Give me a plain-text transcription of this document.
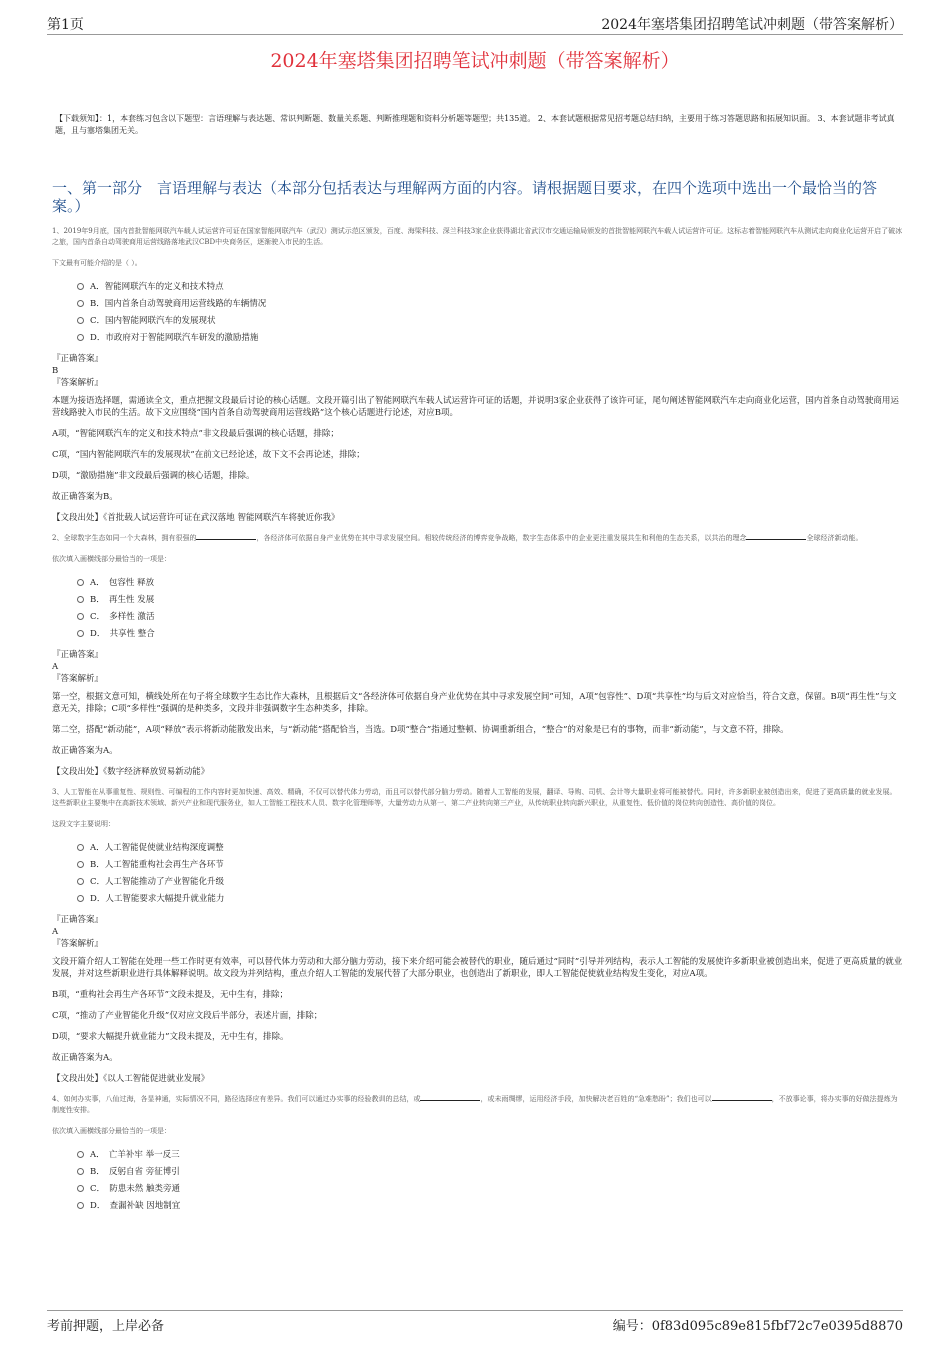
第1页	2024年塞塔集团招聘笔试冲刺题（带答案解析）
2024年塞塔集团招聘笔试冲刺题（带答案解析）
【下载须知】：1，本套练习包含以下题型：言语理解与表达题、常识判断题、数量关系题、判断推理题和资料分析题等题型；共135道。 2、本套试题根据常见招考题总结归纳，主要用于练习答题思路和拓展知识面。 3、本套试题非考试真题，且与塞塔集团无关。
一、第一部分　言语理解与表达（本部分包括表达与理解两方面的内容。请根据题目要求，在四个选项中选出一个最恰当的答案。）

1、2019年9月底，国内首批智能网联汽车载人试运营许可证在国家智能网联汽车（武汉）测试示范区颁发，百度、海梁科技、深兰科技3家企业获得湖北省武汉市交通运输局颁发的首批智能网联汽车载人试运营许可证。这标志着智能网联汽车从测试走向商业化运营开启了破冰之旅，国内首条自动驾驶商用运营线路落地武汉CBD中央商务区，逐渐驶入市民的生活。

下文最有可能介绍的是（ ）。

A．智能网联汽车的定义和技术特点
B．国内首条自动驾驶商用运营线路的车辆情况
C．国内智能网联汽车的发展现状
D．市政府对于智能网联汽车研发的激励措施
『正确答案』
B
『答案解析』

本题为接语选择题，需通读全文，重点把握文段最后讨论的核心话题。文段开篇引出了智能网联汽车载人试运营许可证的话题，并说明3家企业获得了该许可证，尾句阐述智能网联汽车走向商业化运营，国内首条自动驾驶商用运营线路驶入市民的生活。故下文应围绕“国内首条自动驾驶商用运营线路”这个核心话题进行论述，对应B项。

A项，“智能网联汽车的定义和技术特点”非文段最后强调的核心话题，排除；

C项，“国内智能网联汽车的发展现状”在前文已经论述，故下文不会再论述，排除；

D项，“激励措施”非文段最后强调的核心话题，排除。

故正确答案为B。

【文段出处】《首批载人试运营许可证在武汉落地 智能网联汽车将驶近你我》

2、全球数字生态如同一个大森林，拥有很强的	，各经济体可依据自身产业优势在其中寻求发展空间。相较传统经济的博弈竞争战略，数字生态体系中的企业更注重发展共生和利他的生态关系，以共治的理念	全球经济新动能。

依次填入画横线部分最恰当的一项是：

A．　包容性 释放
B．　再生性 发展
C．　多样性 激活
D．　共享性 整合
『正确答案』
A
『答案解析』

第一空，根据文意可知，横线处所在句子将全球数字生态比作大森林，且根据后文“各经济体可依据自身产业优势在其中寻求发展空间”可知，A项“包容性”、D项“共享性”均与后文对应恰当，符合文意，保留。B项“再生性”与文意无关，排除；C项“多样性”强调的是种类多，文段并非强调数字生态种类多，排除。

第二空，搭配“新动能”，A项“释放”表示将新动能散发出来，与“新动能”搭配恰当，当选。D项“整合”指通过整顿、协调重新组合，“整合”的对象是已有的事物，而非“新动能”，与文意不符，排除。

故正确答案为A。

【文段出处】《数字经济释放贸易新动能》

3、人工智能在从事重复性、规则性、可编程的工作内容时更加快速、高效、精确，不仅可以替代体力劳动，而且可以替代部分脑力劳动。随着人工智能的发展，翻译、导购、司机、会计等大量职业将可能被替代。同时，许多新职业被创造出来，促进了更高质量的就业发展。这些新职业主要集中在高新技术领域、新兴产业和现代服务业，如人工智能工程技术人员、数字化管理师等，大量劳动力从第一、第二产业转向第三产业，从传统职业转向新兴职业，从重复性、低价值的岗位转向创造性、高价值的岗位。

这段文字主要说明：

A．人工智能促使就业结构深度调整
B．人工智能重构社会再生产各环节
C．人工智能推动了产业智能化升级
D．人工智能要求大幅提升就业能力
『正确答案』
A
『答案解析』

文段开篇介绍人工智能在处理一些工作时更有效率，可以替代体力劳动和大部分脑力劳动，接下来介绍可能会被替代的职业，随后通过“同时”引导并列结构，表示人工智能的发展使许多新职业被创造出来，促进了更高质量的就业发展，并对这些新职业进行具体解释说明。故文段为并列结构，重点介绍人工智能的发展代替了大部分职业，也创造出了新职业，即人工智能促使就业结构发生变化，对应A项。

B项，“重构社会再生产各环节”文段未提及，无中生有，排除；

C项，“推动了产业智能化升级”仅对应文段后半部分，表述片面，排除；

D项，“要求大幅提升就业能力”文段未提及，无中生有，排除。

故正确答案为A。

【文段出处】《以人工智能促进就业发展》

4、如何办实事，八仙过海，各显神通，实际情况不同，路径选择应有差异。我们可以通过办实事的经验教训的总结，或	，或未雨绸缪，运用经济手段，加快解决老百姓的“急难愁盼”；我们也可以	，不放事论事，将办实事的好做法提炼为制度性安排。

依次填入画横线部分最恰当的一项是：

A．　亡羊补牢 举一反三
B．　反躬自省 旁征博引
C．　防患未然 触类旁通
D．　查漏补缺 因地制宜
考前押题，上岸必备	编号：0f83d095c89e815fbf72c7e0395d8870
